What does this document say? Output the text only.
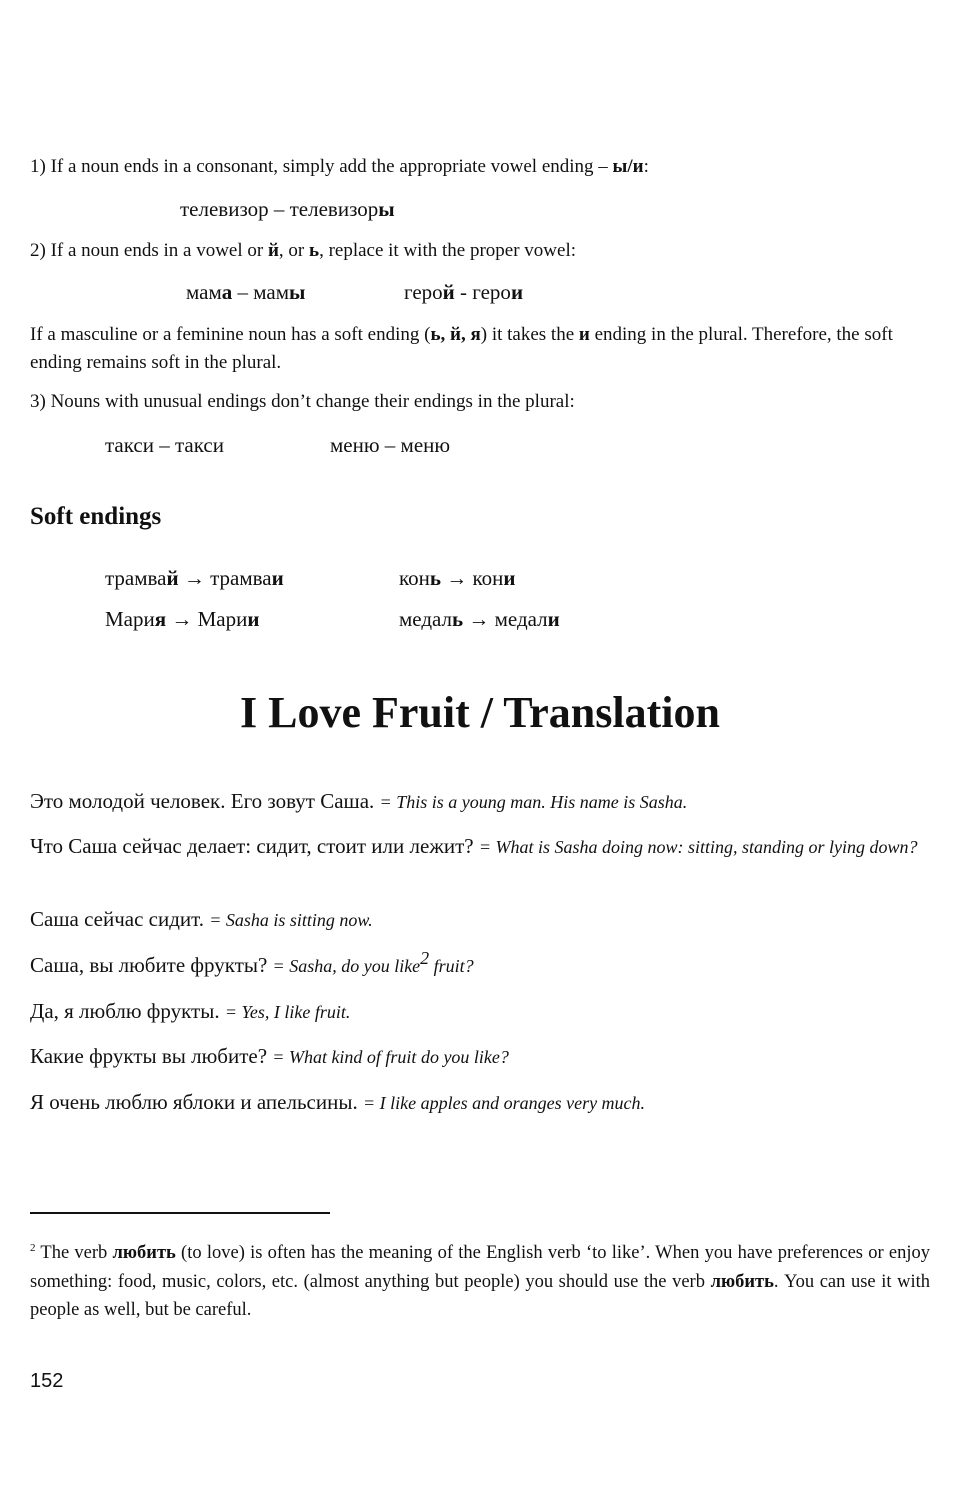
1) If a noun ends in a consonant, simply add the appropriate vowel ending – ы/и:

телевизор – телевизоры

2) If a noun ends in a vowel or й, or ь, replace it with the proper vowel:

мама – мамы	герой - герои

If a masculine or a feminine noun has a soft ending (ь, й, я) it takes the и ending in the plural. Therefore, the soft ending remains soft in the plural.

3) Nouns with unusual endings don’t change their endings in the plural:

такси – такси	меню – меню

Soft endings

трамвай → трамваи	конь → кони

Мария → Марии	медаль → медали

I Love Fruit / Translation

Это молодой человек. Его зовут Саша. = This is a young man. His name is Sasha.

Что Саша сейчас делает: сидит, стоит или лежит? = What is Sasha doing now: sitting, standing or lying down?

Саша сейчас сидит. = Sasha is sitting now.

Саша, вы любите фрукты? = Sasha, do you like$^2$ fruit?

Да, я люблю фрукты. = Yes, I like fruit.

Какие фрукты вы любите? = What kind of fruit do you like?

Я очень люблю яблоки и апельсины. = I like apples and oranges very much.

$^2$ The verb любить (to love) is often has the meaning of the English verb ‘to like’. When you have preferences or enjoy something: food, music, colors, etc. (almost anything but people) you should use the verb любить. You can use it with people as well, but be careful.

152
